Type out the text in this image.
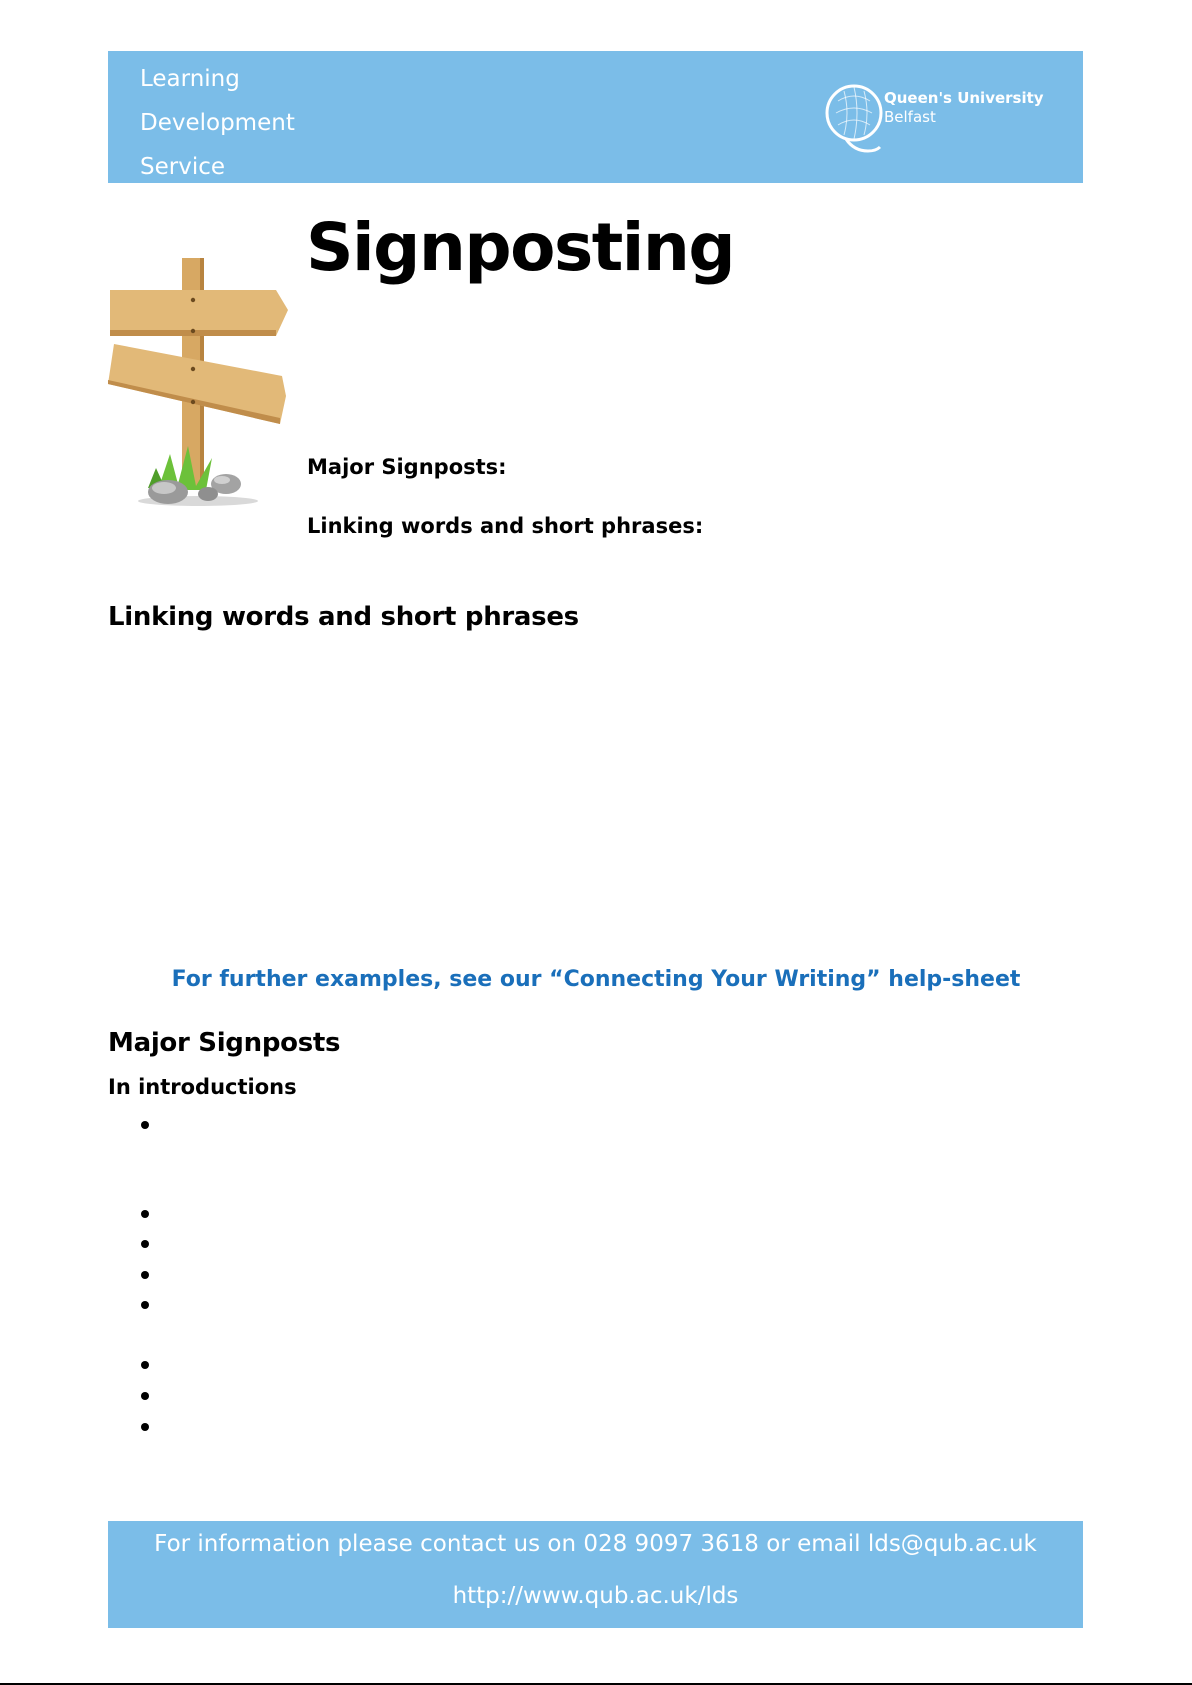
Learning
Development
Service
Queen's University
Belfast
Signposting
Major Signposts:
Linking words and short phrases:
Linking words and short phrases
For further examples, see our “Connecting Your Writing” help-sheet
Major Signposts
In introductions
For information please contact us on 028 9097 3618 or email lds@qub.ac.uk
http://www.qub.ac.uk/lds
